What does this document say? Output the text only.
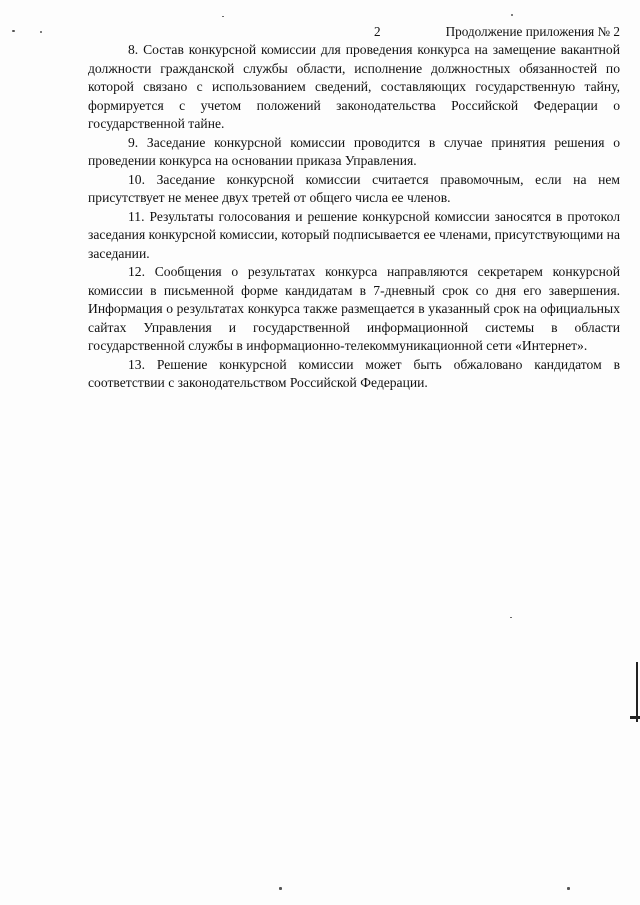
2	Продолжение приложения № 2

8. Состав конкурсной комиссии для проведения конкурса на замещение вакантной должности гражданской службы области, исполнение должностных обязанностей по которой связано с использованием сведений, составляющих государственную тайну, формируется с учетом положений законодательства Российской Федерации о государственной тайне.

9. Заседание конкурсной комиссии проводится в случае принятия решения о проведении конкурса на основании приказа Управления.

10. Заседание конкурсной комиссии считается правомочным, если на нем присутствует не менее двух третей от общего числа ее членов.

11. Результаты голосования и решение конкурсной комиссии заносятся в протокол заседания конкурсной комиссии, который подписывается ее членами, присутствующими на заседании.

12. Сообщения о результатах конкурса направляются секретарем конкурсной комиссии в письменной форме кандидатам в 7-дневный срок со дня его завершения. Информация о результатах конкурса также размещается в указанный срок на официальных сайтах Управления и государственной информационной системы в области государственной службы в информационно-телекоммуникационной сети «Интернет».

13. Решение конкурсной комиссии может быть обжаловано кандидатом в соответствии с законодательством Российской Федерации.
